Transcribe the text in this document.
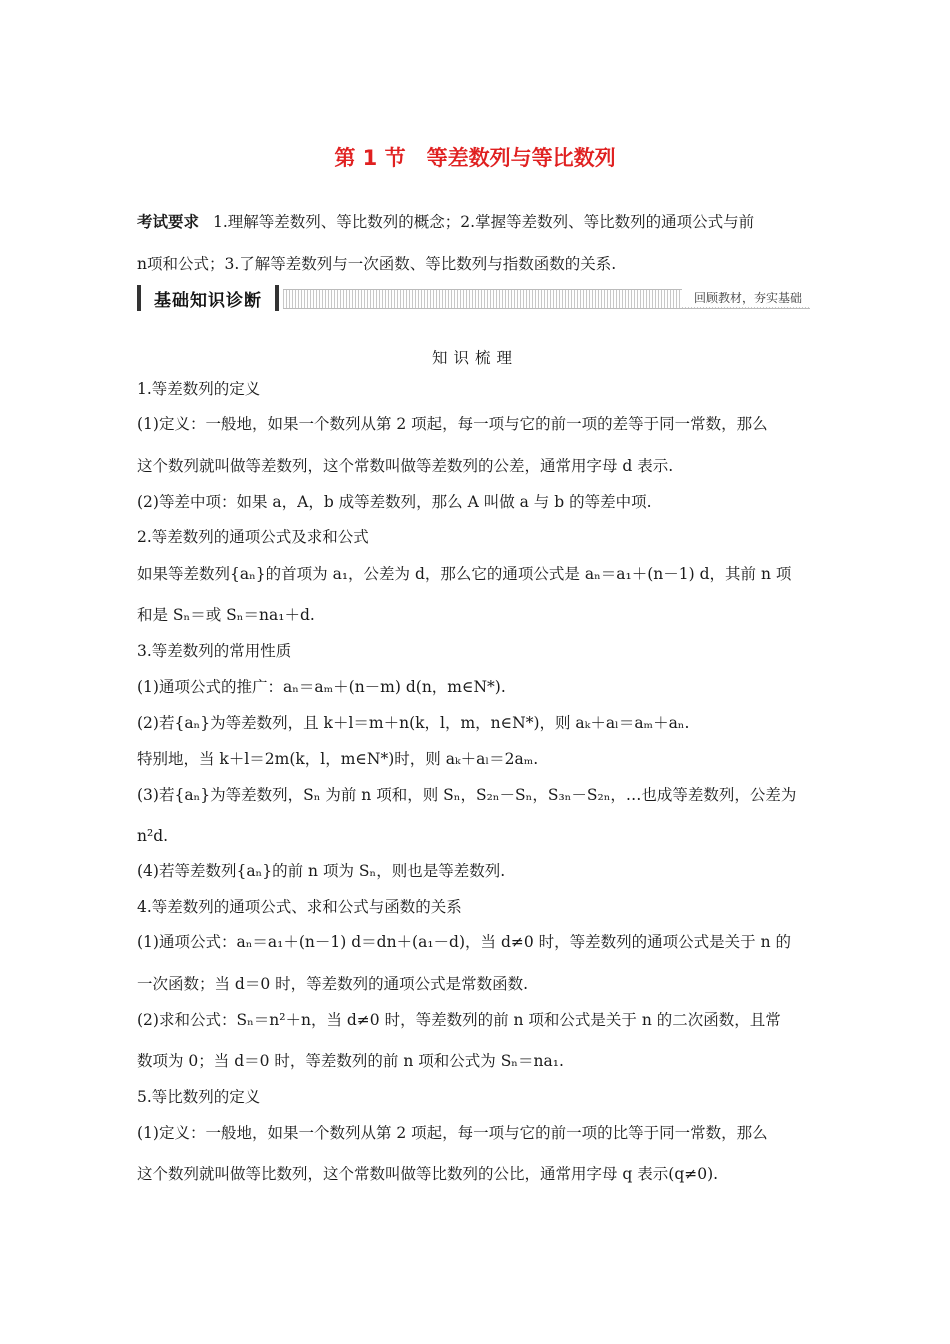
第 1 节　等差数列与等比数列
考试要求 1.理解等差数列、等比数列的概念；2.掌握等差数列、等比数列的通项公式与前
n项和公式；3.了解等差数列与一次函数、等比数列与指数函数的关系.
基础知识诊断	回顾教材，夯实基础
知识梳理
1.等差数列的定义
(1)定义：一般地，如果一个数列从第 2 项起，每一项与它的前一项的差等于同一常数，那么
这个数列就叫做等差数列，这个常数叫做等差数列的公差，通常用字母 d 表示.
(2)等差中项：如果 a，A，b 成等差数列，那么 A 叫做 a 与 b 的等差中项.
2.等差数列的通项公式及求和公式
如果等差数列{aₙ}的首项为 a₁，公差为 d，那么它的通项公式是 aₙ＝a₁＋(n－1) d，其前 n 项
和是 Sₙ＝或 Sₙ＝na₁＋d.
3.等差数列的常用性质
(1)通项公式的推广：aₙ＝aₘ＋(n－m) d(n，m∈N*).
(2)若{aₙ}为等差数列，且 k＋l＝m＋n(k，l，m，n∈N*)，则 aₖ＋aₗ＝aₘ＋aₙ.
特别地，当 k＋l＝2m(k，l，m∈N*)时，则 aₖ＋aₗ＝2aₘ.
(3)若{aₙ}为等差数列，Sₙ 为前 n 项和，则 Sₙ，S₂ₙ－Sₙ，S₃ₙ－S₂ₙ，…也成等差数列，公差为
n²d.
(4)若等差数列{aₙ}的前 n 项为 Sₙ，则也是等差数列.
4.等差数列的通项公式、求和公式与函数的关系
(1)通项公式：aₙ＝a₁＋(n－1) d＝dn＋(a₁－d)，当 d≠0 时，等差数列的通项公式是关于 n 的
一次函数；当 d＝0 时，等差数列的通项公式是常数函数.
(2)求和公式：Sₙ＝n²＋n，当 d≠0 时，等差数列的前 n 项和公式是关于 n 的二次函数，且常
数项为 0；当 d＝0 时，等差数列的前 n 项和公式为 Sₙ＝na₁.
5.等比数列的定义
(1)定义：一般地，如果一个数列从第 2 项起，每一项与它的前一项的比等于同一常数，那么
这个数列就叫做等比数列，这个常数叫做等比数列的公比，通常用字母 q 表示(q≠0).
